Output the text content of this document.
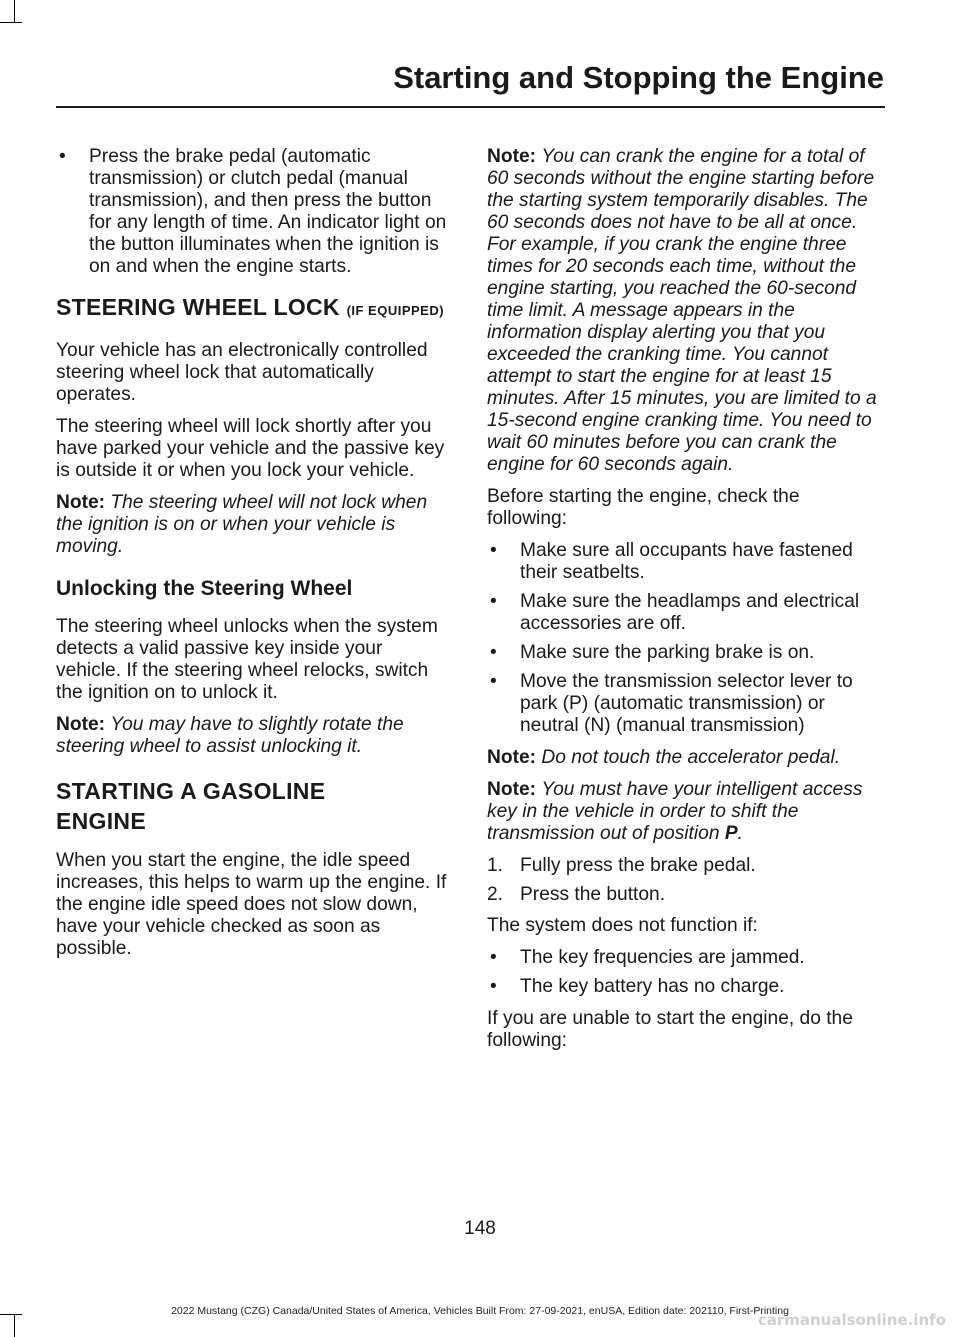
Starting and Stopping the Engine
• Press the brake pedal (automatic transmission) or clutch pedal (manual transmission), and then press the button for any length of time. An indicator light on the button illuminates when the ignition is on and when the engine starts.
STEERING WHEEL LOCK (IF EQUIPPED)

Your vehicle has an electronically controlled steering wheel lock that automatically operates.

The steering wheel will lock shortly after you have parked your vehicle and the passive key is outside it or when you lock your vehicle.

Note: The steering wheel will not lock when the ignition is on or when your vehicle is moving.

Unlocking the Steering Wheel

The steering wheel unlocks when the system detects a valid passive key inside your vehicle. If the steering wheel relocks, switch the ignition on to unlock it.

Note: You may have to slightly rotate the steering wheel to assist unlocking it.

STARTING A GASOLINE
ENGINE

When you start the engine, the idle speed increases, this helps to warm up the engine. If the engine idle speed does not slow down, have your vehicle checked as soon as possible.

Note: You can crank the engine for a total of 60 seconds without the engine starting before the starting system temporarily disables. The 60 seconds does not have to be all at once. For example, if you crank the engine three times for 20 seconds each time, without the engine starting, you reached the 60-second time limit. A message appears in the information display alerting you that you exceeded the cranking time. You cannot attempt to start the engine for at least 15 minutes. After 15 minutes, you are limited to a 15-second engine cranking time. You need to wait 60 minutes before you can crank the engine for 60 seconds again.

Before starting the engine, check the following:

• Make sure all occupants have fastened their seatbelts.
• Make sure the headlamps and electrical accessories are off.
• Make sure the parking brake is on.
• Move the transmission selector lever to park (P) (automatic transmission) or neutral (N) (manual transmission)

Note: Do not touch the accelerator pedal.

Note: You must have your intelligent access key in the vehicle in order to shift the transmission out of position P.

1. Fully press the brake pedal.
2. Press the button.

The system does not function if:

• The key frequencies are jammed.
• The key battery has no charge.

If you are unable to start the engine, do the following:

148
2022 Mustang (CZG) Canada/United States of America, Vehicles Built From: 27-09-2021, enUSA, Edition date: 202110, First-Printing
carmanualsonline.info
